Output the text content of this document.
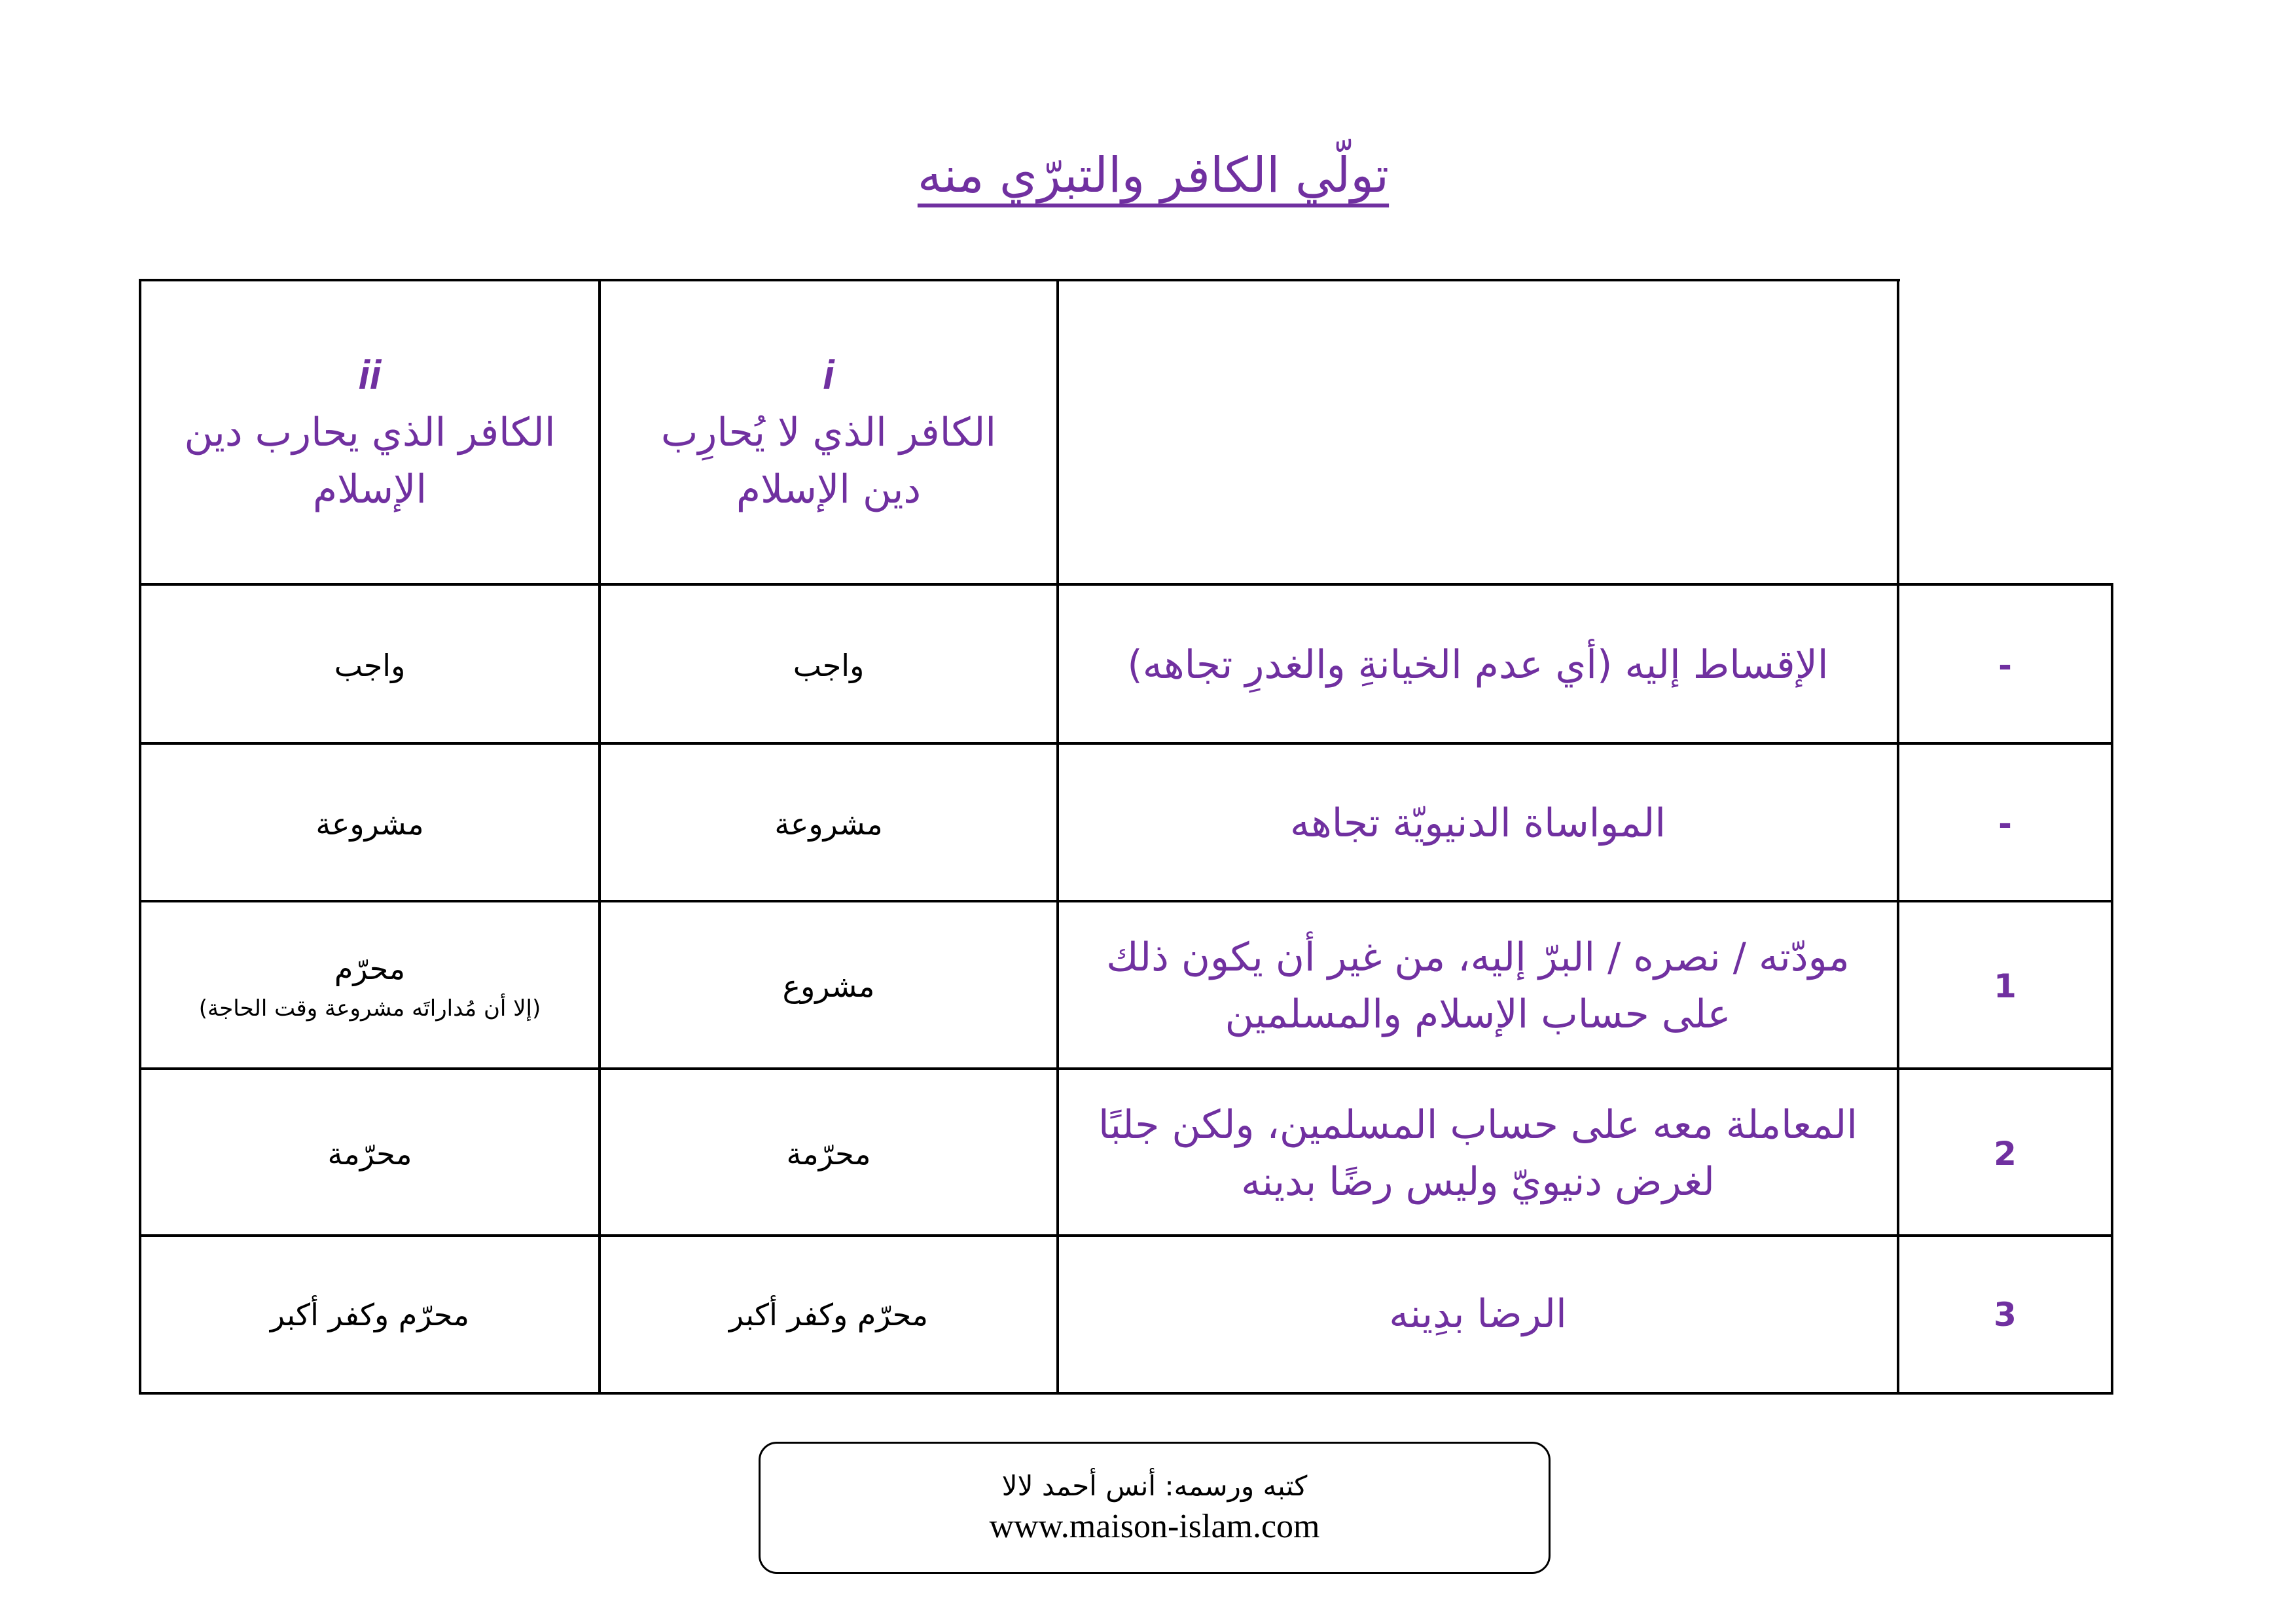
تولّي الكافر والتبرّي منه
ii
الكافر الذي يحارب دين الإسلام
i
الكافر الذي لا يُحارِب دين الإسلام
-
الإقساط إليه (أي عدم الخيانةِ والغدرِ تجاهه)
واجب
واجب
-
المواساة الدنيويّة تجاهه
مشروعة
مشروعة
1
مودّته / نصره / البرّ إليه، من غير أن يكون ذلك على حساب الإسلام والمسلمين
مشروع
محرّم
(إلا أن مُداراتَه مشروعة وقت الحاجة)
2
المعاملة معه على حساب المسلمين، ولكن جلبًا لغرض دنيويّ وليس رضًا بدينه
محرّمة
محرّمة
3
الرضا بدِينه
محرّم وكفر أكبر
محرّم وكفر أكبر
كتبه ورسمه: أنس أحمد لالا
www.maison-islam.com
